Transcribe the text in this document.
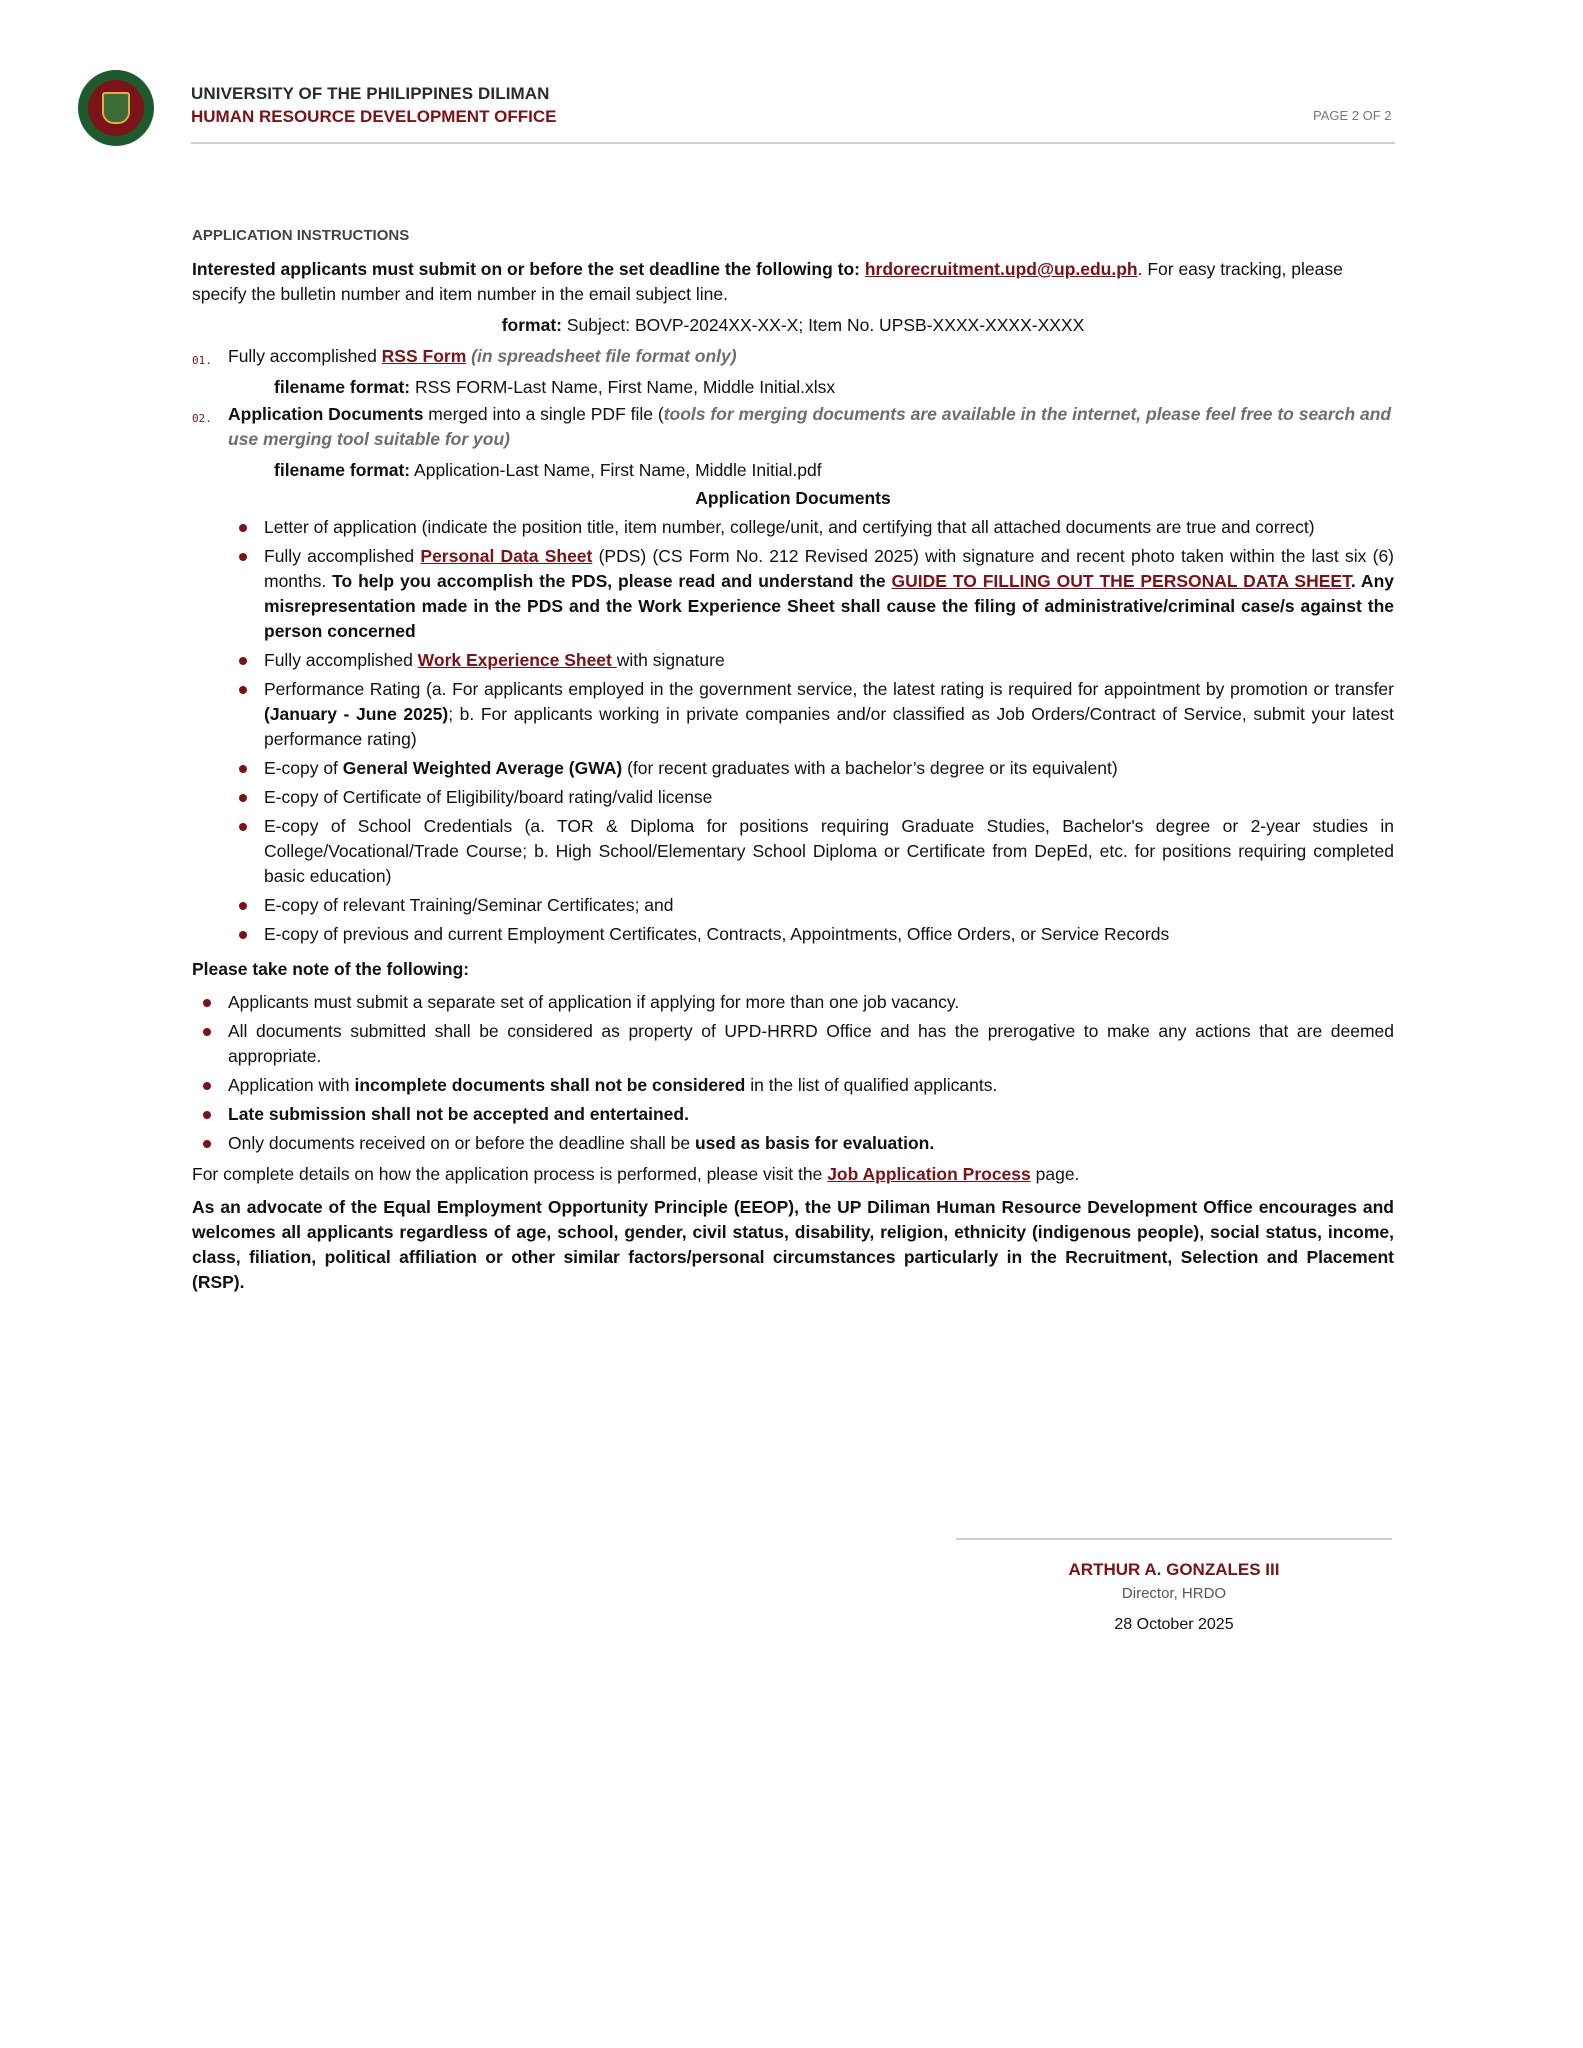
UNIVERSITY OF THE PHILIPPINES DILIMAN
HUMAN RESOURCE DEVELOPMENT OFFICE	PAGE 2 OF 2
APPLICATION INSTRUCTIONS

Interested applicants must submit on or before the set deadline the following to: hrdorecruitment.upd@up.edu.ph. For easy tracking, please specify the bulletin number and item number in the email subject line.

format: Subject: BOVP-2024XX-XX-X; Item No. UPSB-XXXX-XXXX-XXXX

01. Fully accomplished RSS Form (in spreadsheet file format only)

filename format: RSS FORM-Last Name, First Name, Middle Initial.xlsx

02. Application Documents merged into a single PDF file (tools for merging documents are available in the internet, please feel free to search and use merging tool suitable for you)

filename format: Application-Last Name, First Name, Middle Initial.pdf

Application Documents

Letter of application (indicate the position title, item number, college/unit, and certifying that all attached documents are true and correct)
Fully accomplished Personal Data Sheet (PDS) (CS Form No. 212 Revised 2025) with signature and recent photo taken within the last six (6) months. To help you accomplish the PDS, please read and understand the GUIDE TO FILLING OUT THE PERSONAL DATA SHEET. Any misrepresentation made in the PDS and the Work Experience Sheet shall cause the filing of administrative/criminal case/s against the person concerned
Fully accomplished Work Experience Sheet with signature
Performance Rating (a. For applicants employed in the government service, the latest rating is required for appointment by promotion or transfer (January - June 2025); b. For applicants working in private companies and/or classified as Job Orders/Contract of Service, submit your latest performance rating)
E-copy of General Weighted Average (GWA) (for recent graduates with a bachelor’s degree or its equivalent)
E-copy of Certificate of Eligibility/board rating/valid license
E-copy of School Credentials (a. TOR & Diploma for positions requiring Graduate Studies, Bachelor's degree or 2-year studies in College/Vocational/Trade Course; b. High School/Elementary School Diploma or Certificate from DepEd, etc. for positions requiring completed basic education)
E-copy of relevant Training/Seminar Certificates; and
E-copy of previous and current Employment Certificates, Contracts, Appointments, Office Orders, or Service Records

Please take note of the following:

Applicants must submit a separate set of application if applying for more than one job vacancy.
All documents submitted shall be considered as property of UPD-HRRD Office and has the prerogative to make any actions that are deemed appropriate.
Application with incomplete documents shall not be considered in the list of qualified applicants.
Late submission shall not be accepted and entertained.
Only documents received on or before the deadline shall be used as basis for evaluation.

For complete details on how the application process is performed, please visit the Job Application Process page.

As an advocate of the Equal Employment Opportunity Principle (EEOP), the UP Diliman Human Resource Development Office encourages and welcomes all applicants regardless of age, school, gender, civil status, disability, religion, ethnicity (indigenous people), social status, income, class, filiation, political affiliation or other similar factors/personal circumstances particularly in the Recruitment, Selection and Placement (RSP).

ARTHUR A. GONZALES III
Director, HRDO
28 October 2025
